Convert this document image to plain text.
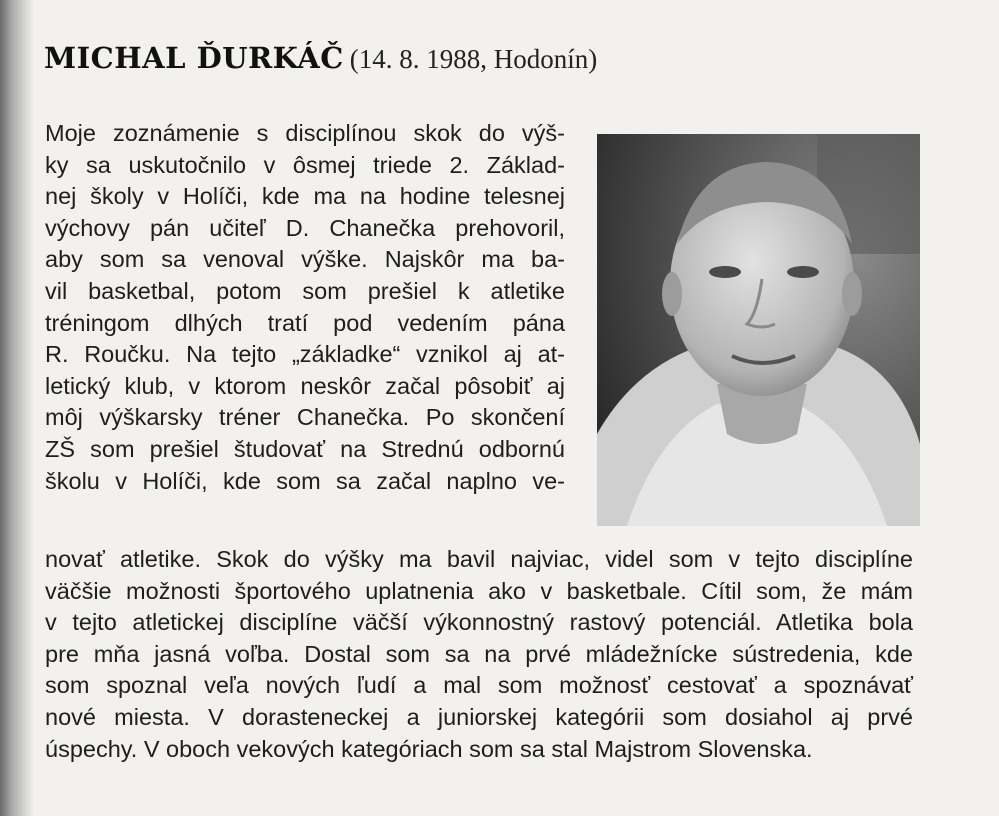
MICHAL ĎURKÁČ (14. 8. 1988, Hodonín)
Moje zoznámenie s disciplínou skok do výš-
ky sa uskutočnilo v ôsmej triede 2. Základ-
nej školy v Holíči, kde ma na hodine telesnej
výchovy pán učiteľ D. Chanečka prehovoril,
aby som sa venoval výške. Najskôr ma ba-
vil basketbal, potom som prešiel k atletike
tréningom dlhých tratí pod vedením pána
R. Roučku. Na tejto „základke“ vznikol aj at-
letický klub, v ktorom neskôr začal pôsobiť aj
môj výškarsky tréner Chanečka. Po skončení
ZŠ som prešiel študovať na Strednú odbornú
školu v Holíči, kde som sa začal naplno ve-
novať atletike. Skok do výšky ma bavil najviac, videl som v tejto disciplíne
väčšie možnosti športového uplatnenia ako v basketbale. Cítil som, že mám
v tejto atletickej disciplíne väčší výkonnostný rastový potenciál. Atletika bola
pre mňa jasná voľba. Dostal som sa na prvé mládežnícke sústredenia, kde
som spoznal veľa nových ľudí a mal som možnosť cestovať a spoznávať
nové miesta. V dorasteneckej a juniorskej kategórii som dosiahol aj prvé
úspechy. V oboch vekových kategóriach som sa stal Majstrom Slovenska.
